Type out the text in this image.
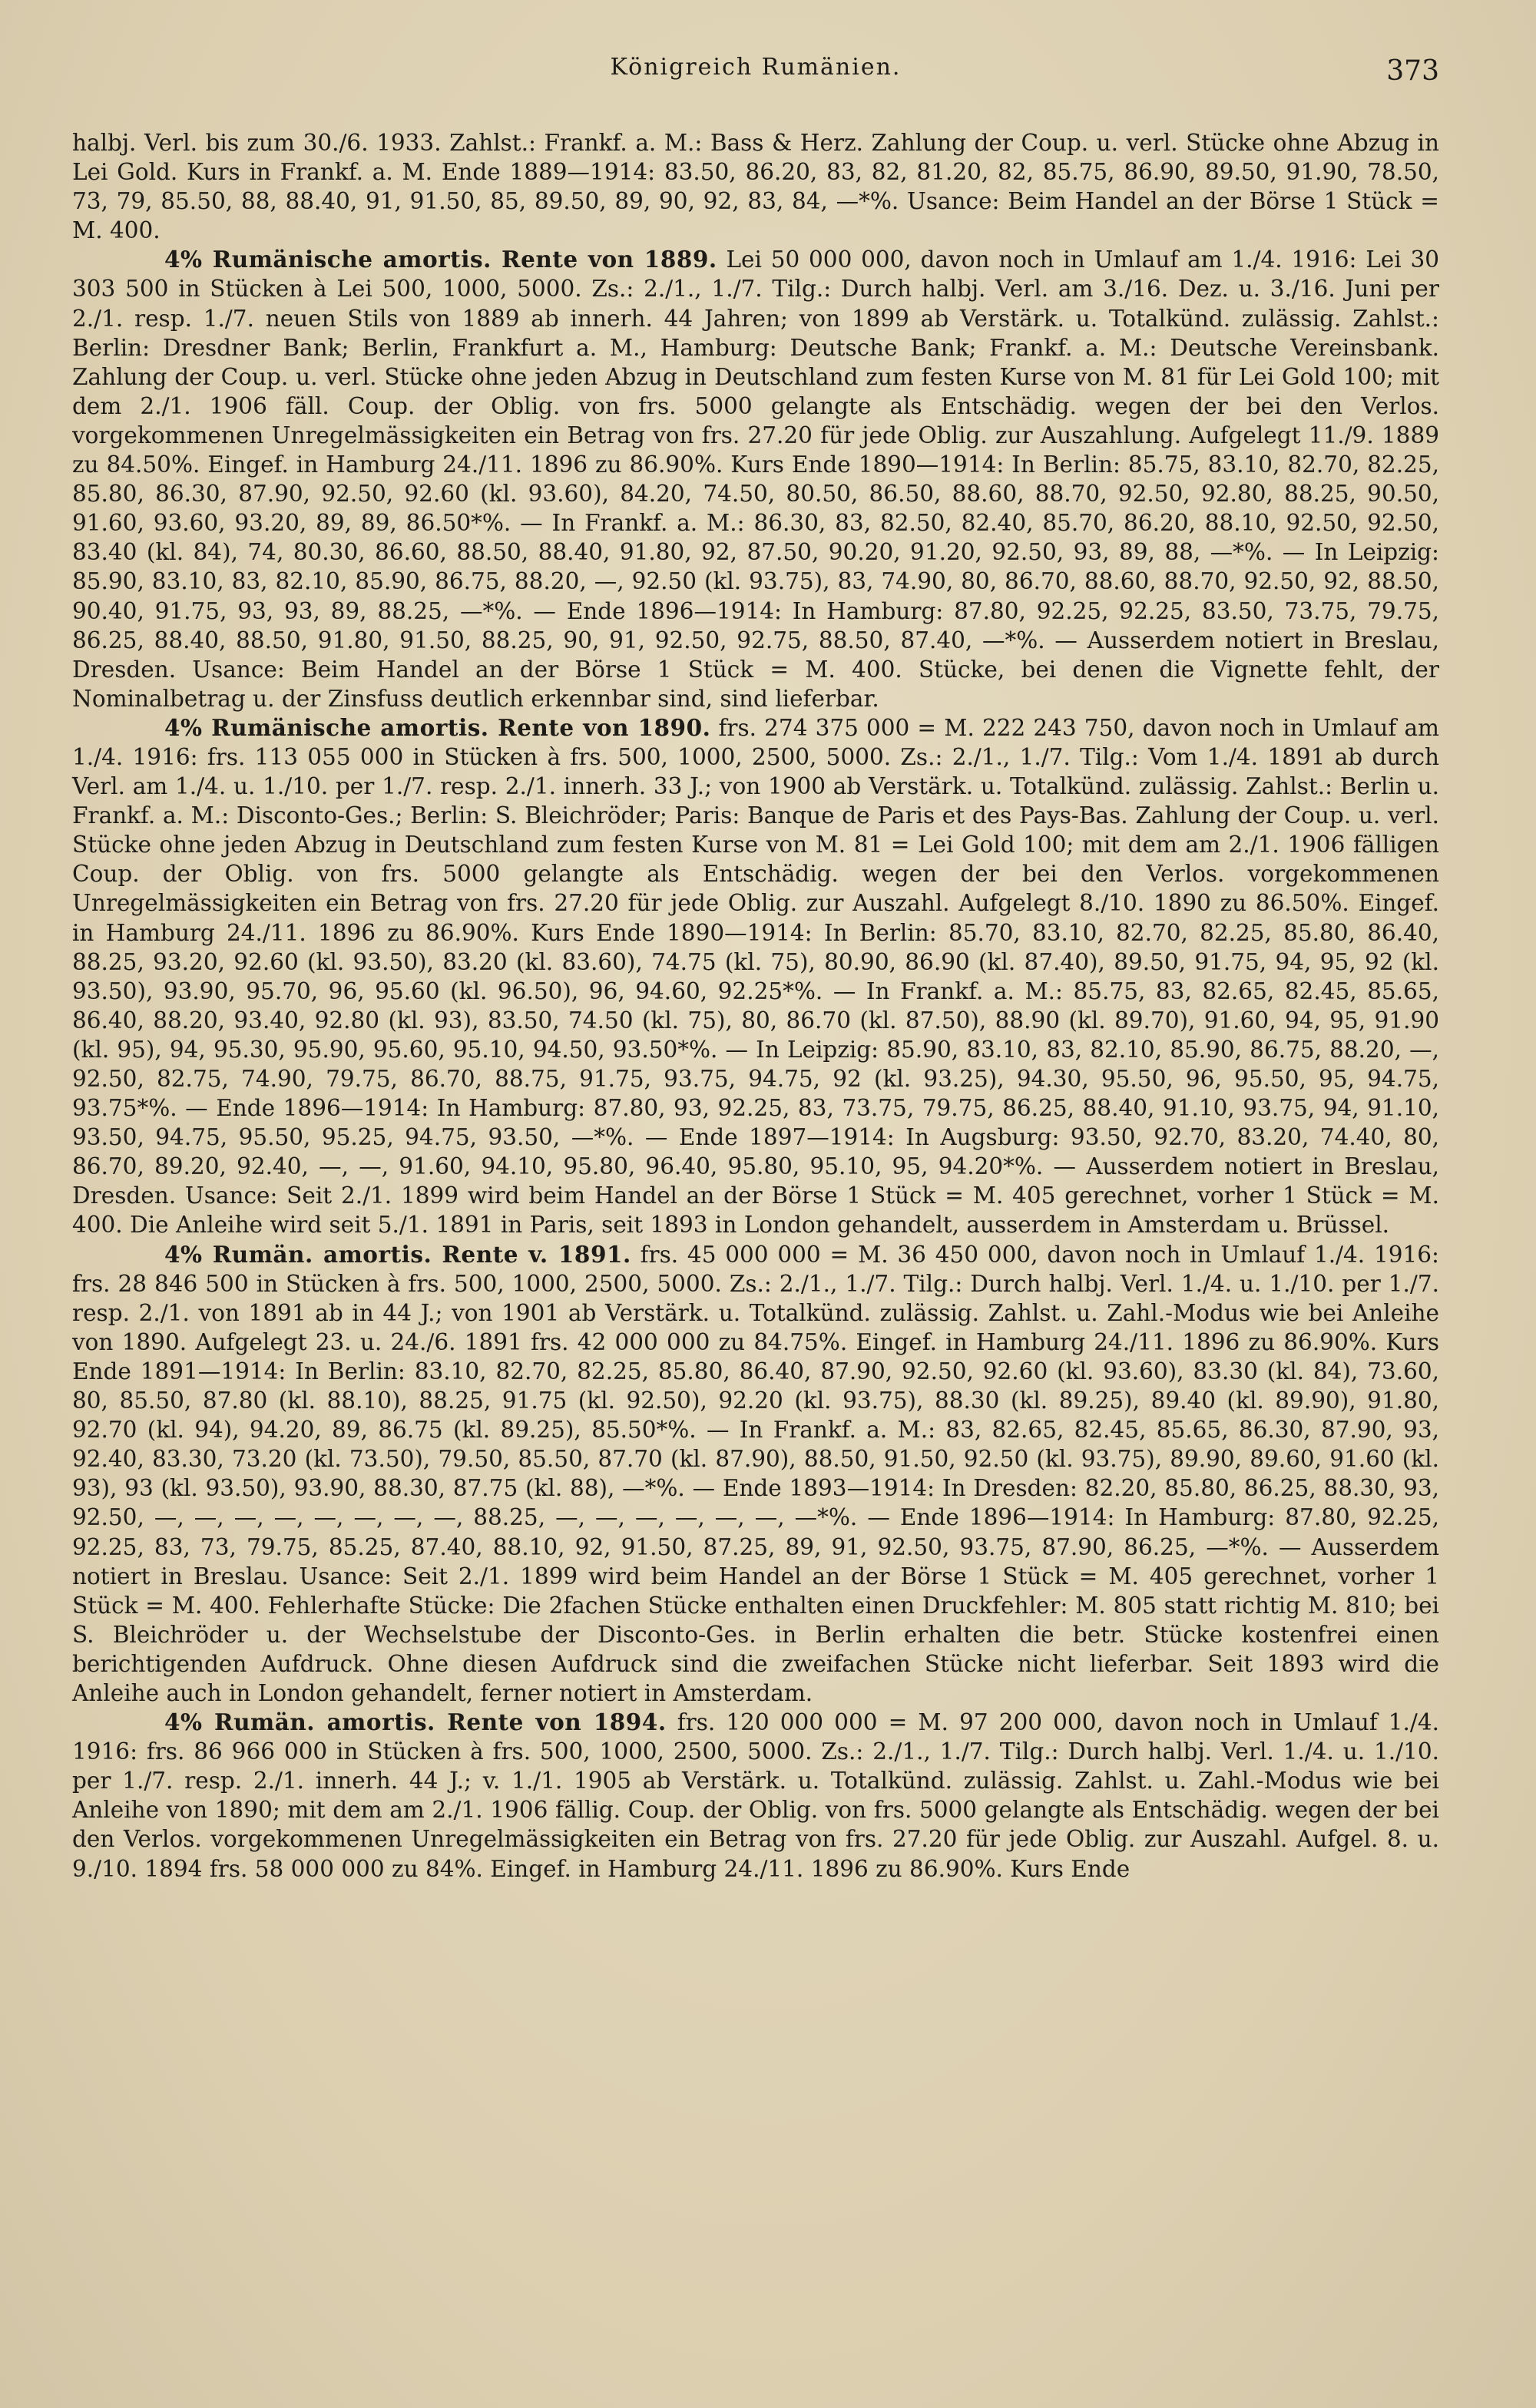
Königreich Rumänien.	373

halbj. Verl. bis zum 30./6. 1933. Zahlst.: Frankf. a. M.: Bass & Herz. Zahlung der Coup. u. verl. Stücke ohne Abzug in Lei Gold. Kurs in Frankf. a. M. Ende 1889—1914: 83.50, 86.20, 83, 82, 81.20, 82, 85.75, 86.90, 89.50, 91.90, 78.50, 73, 79, 85.50, 88, 88.40, 91, 91.50, 85, 89.50, 89, 90, 92, 83, 84, —*%. Usance: Beim Handel an der Börse 1 Stück = M. 400.

4% Rumänische amortis. Rente von 1889. Lei 50 000 000, davon noch in Umlauf am 1./4. 1916: Lei 30 303 500 in Stücken à Lei 500, 1000, 5000. Zs.: 2./1., 1./7. Tilg.: Durch halbj. Verl. am 3./16. Dez. u. 3./16. Juni per 2./1. resp. 1./7. neuen Stils von 1889 ab innerh. 44 Jahren; von 1899 ab Verstärk. u. Totalkünd. zulässig. Zahlst.: Berlin: Dresdner Bank; Berlin, Frankfurt a. M., Hamburg: Deutsche Bank; Frankf. a. M.: Deutsche Vereinsbank. Zahlung der Coup. u. verl. Stücke ohne jeden Abzug in Deutschland zum festen Kurse von M. 81 für Lei Gold 100; mit dem 2./1. 1906 fäll. Coup. der Oblig. von frs. 5000 gelangte als Entschädig. wegen der bei den Verlos. vorgekommenen Unregelmässigkeiten ein Betrag von frs. 27.20 für jede Oblig. zur Auszahlung. Aufgelegt 11./9. 1889 zu 84.50%. Eingef. in Hamburg 24./11. 1896 zu 86.90%. Kurs Ende 1890—1914: In Berlin: 85.75, 83.10, 82.70, 82.25, 85.80, 86.30, 87.90, 92.50, 92.60 (kl. 93.60), 84.20, 74.50, 80.50, 86.50, 88.60, 88.70, 92.50, 92.80, 88.25, 90.50, 91.60, 93.60, 93.20, 89, 89, 86.50*%. — In Frankf. a. M.: 86.30, 83, 82.50, 82.40, 85.70, 86.20, 88.10, 92.50, 92.50, 83.40 (kl. 84), 74, 80.30, 86.60, 88.50, 88.40, 91.80, 92, 87.50, 90.20, 91.20, 92.50, 93, 89, 88, —*%. — In Leipzig: 85.90, 83.10, 83, 82.10, 85.90, 86.75, 88.20, —, 92.50 (kl. 93.75), 83, 74.90, 80, 86.70, 88.60, 88.70, 92.50, 92, 88.50, 90.40, 91.75, 93, 93, 89, 88.25, —*%. — Ende 1896—1914: In Hamburg: 87.80, 92.25, 92.25, 83.50, 73.75, 79.75, 86.25, 88.40, 88.50, 91.80, 91.50, 88.25, 90, 91, 92.50, 92.75, 88.50, 87.40, —*%. — Ausserdem notiert in Breslau, Dresden. Usance: Beim Handel an der Börse 1 Stück = M. 400. Stücke, bei denen die Vignette fehlt, der Nominalbetrag u. der Zinsfuss deutlich erkennbar sind, sind lieferbar.

4% Rumänische amortis. Rente von 1890. frs. 274 375 000 = M. 222 243 750, davon noch in Umlauf am 1./4. 1916: frs. 113 055 000 in Stücken à frs. 500, 1000, 2500, 5000. Zs.: 2./1., 1./7. Tilg.: Vom 1./4. 1891 ab durch Verl. am 1./4. u. 1./10. per 1./7. resp. 2./1. innerh. 33 J.; von 1900 ab Verstärk. u. Totalkünd. zulässig. Zahlst.: Berlin u. Frankf. a. M.: Disconto-Ges.; Berlin: S. Bleichröder; Paris: Banque de Paris et des Pays-Bas. Zahlung der Coup. u. verl. Stücke ohne jeden Abzug in Deutschland zum festen Kurse von M. 81 = Lei Gold 100; mit dem am 2./1. 1906 fälligen Coup. der Oblig. von frs. 5000 gelangte als Entschädig. wegen der bei den Verlos. vorgekommenen Unregelmässigkeiten ein Betrag von frs. 27.20 für jede Oblig. zur Auszahl. Aufgelegt 8./10. 1890 zu 86.50%. Eingef. in Hamburg 24./11. 1896 zu 86.90%. Kurs Ende 1890—1914: In Berlin: 85.70, 83.10, 82.70, 82.25, 85.80, 86.40, 88.25, 93.20, 92.60 (kl. 93.50), 83.20 (kl. 83.60), 74.75 (kl. 75), 80.90, 86.90 (kl. 87.40), 89.50, 91.75, 94, 95, 92 (kl. 93.50), 93.90, 95.70, 96, 95.60 (kl. 96.50), 96, 94.60, 92.25*%. — In Frankf. a. M.: 85.75, 83, 82.65, 82.45, 85.65, 86.40, 88.20, 93.40, 92.80 (kl. 93), 83.50, 74.50 (kl. 75), 80, 86.70 (kl. 87.50), 88.90 (kl. 89.70), 91.60, 94, 95, 91.90 (kl. 95), 94, 95.30, 95.90, 95.60, 95.10, 94.50, 93.50*%. — In Leipzig: 85.90, 83.10, 83, 82.10, 85.90, 86.75, 88.20, —, 92.50, 82.75, 74.90, 79.75, 86.70, 88.75, 91.75, 93.75, 94.75, 92 (kl. 93.25), 94.30, 95.50, 96, 95.50, 95, 94.75, 93.75*%. — Ende 1896—1914: In Hamburg: 87.80, 93, 92.25, 83, 73.75, 79.75, 86.25, 88.40, 91.10, 93.75, 94, 91.10, 93.50, 94.75, 95.50, 95.25, 94.75, 93.50, —*%. — Ende 1897—1914: In Augsburg: 93.50, 92.70, 83.20, 74.40, 80, 86.70, 89.20, 92.40, —, —, 91.60, 94.10, 95.80, 96.40, 95.80, 95.10, 95, 94.20*%. — Ausserdem notiert in Breslau, Dresden. Usance: Seit 2./1. 1899 wird beim Handel an der Börse 1 Stück = M. 405 gerechnet, vorher 1 Stück = M. 400. Die Anleihe wird seit 5./1. 1891 in Paris, seit 1893 in London gehandelt, ausserdem in Amsterdam u. Brüssel.

4% Rumän. amortis. Rente v. 1891. frs. 45 000 000 = M. 36 450 000, davon noch in Umlauf 1./4. 1916: frs. 28 846 500 in Stücken à frs. 500, 1000, 2500, 5000. Zs.: 2./1., 1./7. Tilg.: Durch halbj. Verl. 1./4. u. 1./10. per 1./7. resp. 2./1. von 1891 ab in 44 J.; von 1901 ab Verstärk. u. Totalkünd. zulässig. Zahlst. u. Zahl.-Modus wie bei Anleihe von 1890. Aufgelegt 23. u. 24./6. 1891 frs. 42 000 000 zu 84.75%. Eingef. in Hamburg 24./11. 1896 zu 86.90%. Kurs Ende 1891—1914: In Berlin: 83.10, 82.70, 82.25, 85.80, 86.40, 87.90, 92.50, 92.60 (kl. 93.60), 83.30 (kl. 84), 73.60, 80, 85.50, 87.80 (kl. 88.10), 88.25, 91.75 (kl. 92.50), 92.20 (kl. 93.75), 88.30 (kl. 89.25), 89.40 (kl. 89.90), 91.80, 92.70 (kl. 94), 94.20, 89, 86.75 (kl. 89.25), 85.50*%. — In Frankf. a. M.: 83, 82.65, 82.45, 85.65, 86.30, 87.90, 93, 92.40, 83.30, 73.20 (kl. 73.50), 79.50, 85.50, 87.70 (kl. 87.90), 88.50, 91.50, 92.50 (kl. 93.75), 89.90, 89.60, 91.60 (kl. 93), 93 (kl. 93.50), 93.90, 88.30, 87.75 (kl. 88), —*%. — Ende 1893—1914: In Dresden: 82.20, 85.80, 86.25, 88.30, 93, 92.50, —, —, —, —, —, —, —, —, 88.25, —, —, —, —, —, —, —*%. — Ende 1896—1914: In Hamburg: 87.80, 92.25, 92.25, 83, 73, 79.75, 85.25, 87.40, 88.10, 92, 91.50, 87.25, 89, 91, 92.50, 93.75, 87.90, 86.25, —*%. — Ausserdem notiert in Breslau. Usance: Seit 2./1. 1899 wird beim Handel an der Börse 1 Stück = M. 405 gerechnet, vorher 1 Stück = M. 400. Fehlerhafte Stücke: Die 2fachen Stücke enthalten einen Druckfehler: M. 805 statt richtig M. 810; bei S. Bleichröder u. der Wechselstube der Disconto-Ges. in Berlin erhalten die betr. Stücke kostenfrei einen berichtigenden Aufdruck. Ohne diesen Aufdruck sind die zweifachen Stücke nicht lieferbar. Seit 1893 wird die Anleihe auch in London gehandelt, ferner notiert in Amsterdam.

4% Rumän. amortis. Rente von 1894. frs. 120 000 000 = M. 97 200 000, davon noch in Umlauf 1./4. 1916: frs. 86 966 000 in Stücken à frs. 500, 1000, 2500, 5000. Zs.: 2./1., 1./7. Tilg.: Durch halbj. Verl. 1./4. u. 1./10. per 1./7. resp. 2./1. innerh. 44 J.; v. 1./1. 1905 ab Verstärk. u. Totalkünd. zulässig. Zahlst. u. Zahl.-Modus wie bei Anleihe von 1890; mit dem am 2./1. 1906 fällig. Coup. der Oblig. von frs. 5000 gelangte als Entschädig. wegen der bei den Verlos. vorgekommenen Unregelmässigkeiten ein Betrag von frs. 27.20 für jede Oblig. zur Auszahl. Aufgel. 8. u. 9./10. 1894 frs. 58 000 000 zu 84%. Eingef. in Hamburg 24./11. 1896 zu 86.90%. Kurs Ende
